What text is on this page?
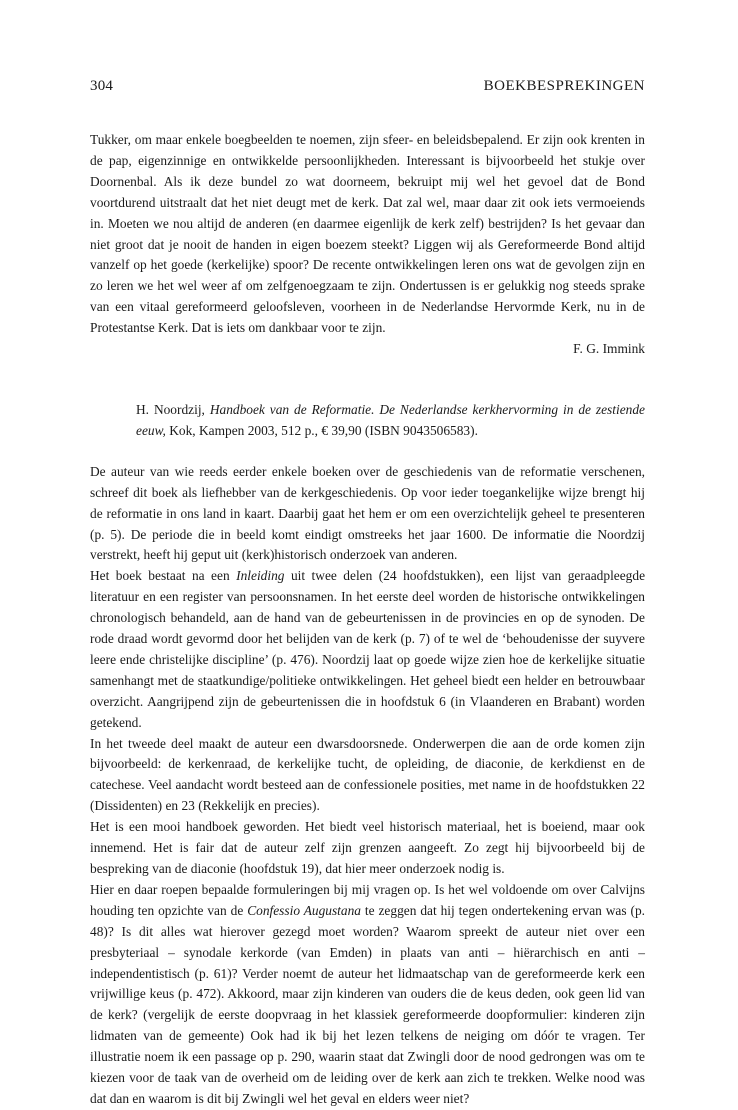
304	BOEKBESPREKINGEN

Tukker, om maar enkele boegbeelden te noemen, zijn sfeer- en beleidsbepalend. Er zijn ook krenten in de pap, eigenzinnige en ontwikkelde persoonlijkheden. Interessant is bijvoorbeeld het stukje over Doornenbal. Als ik deze bundel zo wat doorneem, bekruipt mij wel het gevoel dat de Bond voortdurend uitstraalt dat het niet deugt met de kerk. Dat zal wel, maar daar zit ook iets vermoeiends in. Moeten we nou altijd de anderen (en daarmee eigenlijk de kerk zelf) bestrijden? Is het gevaar dan niet groot dat je nooit de handen in eigen boezem steekt? Liggen wij als Gereformeerde Bond altijd vanzelf op het goede (kerkelijke) spoor? De recente ontwikkelingen leren ons wat de gevolgen zijn en zo leren we het wel weer af om zelfgenoegzaam te zijn. Ondertussen is er gelukkig nog steeds sprake van een vitaal gereformeerd geloofsleven, voorheen in de Nederlandse Hervormde Kerk, nu in de Protestantse Kerk. Dat is iets om dankbaar voor te zijn.

F. G. Immink
H. Noordzij, Handboek van de Reformatie. De Nederlandse kerkhervorming in de zestiende eeuw, Kok, Kampen 2003, 512 p., € 39,90 (ISBN 9043506583).

De auteur van wie reeds eerder enkele boeken over de geschiedenis van de reformatie verschenen, schreef dit boek als liefhebber van de kerkgeschiedenis. Op voor ieder toegankelijke wijze brengt hij de reformatie in ons land in kaart. Daarbij gaat het hem er om een overzichtelijk geheel te presenteren (p. 5). De periode die in beeld komt eindigt omstreeks het jaar 1600. De informatie die Noordzij verstrekt, heeft hij geput uit (kerk)historisch onderzoek van anderen.

Het boek bestaat na een Inleiding uit twee delen (24 hoofdstukken), een lijst van geraadpleegde literatuur en een register van persoonsnamen. In het eerste deel worden de historische ontwikkelingen chronologisch behandeld, aan de hand van de gebeurtenissen in de provincies en op de synoden. De rode draad wordt gevormd door het belijden van de kerk (p. 7) of te wel de ‘behoudenisse der suyvere leere ende christelijke discipline’ (p. 476). Noordzij laat op goede wijze zien hoe de kerkelijke situatie samenhangt met de staatkundige/politieke ontwikkelingen. Het geheel biedt een helder en betrouwbaar overzicht. Aangrijpend zijn de gebeurtenissen die in hoofdstuk 6 (in Vlaanderen en Brabant) worden getekend.

In het tweede deel maakt de auteur een dwarsdoorsnede. Onderwerpen die aan de orde komen zijn bijvoorbeeld: de kerkenraad, de kerkelijke tucht, de opleiding, de diaconie, de kerkdienst en de catechese. Veel aandacht wordt besteed aan de confessionele posities, met name in de hoofdstukken 22 (Dissidenten) en 23 (Rekkelijk en precies).

Het is een mooi handboek geworden. Het biedt veel historisch materiaal, het is boeiend, maar ook innemend. Het is fair dat de auteur zelf zijn grenzen aangeeft. Zo zegt hij bijvoorbeeld bij de bespreking van de diaconie (hoofdstuk 19), dat hier meer onderzoek nodig is.

Hier en daar roepen bepaalde formuleringen bij mij vragen op. Is het wel voldoende om over Calvijns houding ten opzichte van de Confessio Augustana te zeggen dat hij tegen ondertekening ervan was (p. 48)? Is dit alles wat hierover gezegd moet worden? Waarom spreekt de auteur niet over een presbyteriaal – synodale kerkorde (van Emden) in plaats van anti – hiërarchisch en anti – independentistisch (p. 61)? Verder noemt de auteur het lidmaatschap van de gereformeerde kerk een vrijwillige keus (p. 472). Akkoord, maar zijn kinderen van ouders die de keus deden, ook geen lid van de kerk? (vergelijk de eerste doopvraag in het klassiek gereformeerde doopformulier: kinderen zijn lidmaten van de gemeente) Ook had ik bij het lezen telkens de neiging om dóór te vragen. Ter illustratie noem ik een passage op p. 290, waarin staat dat Zwingli door de nood gedrongen was om te kiezen voor de taak van de overheid om de leiding over de kerk aan zich te trekken. Welke nood was dat dan en waarom is dit bij Zwingli wel het geval en elders weer niet?
